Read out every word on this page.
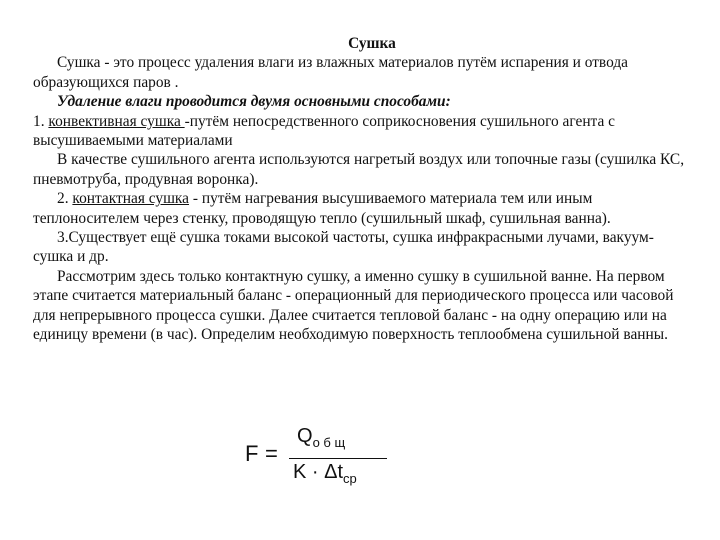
Сушка

Сушка - это процесс удаления влаги из влажных материалов путём испарения и отвода образующихся паров .

Удаление влаги проводится двумя основными способами:

1. конвективная сушка -путём непосредственного соприкосновения сушильного агента с высушиваемыми материалами

В качестве сушильного агента используются нагретый воздух или топочные газы (сушилка КС, пневмотруба, продувная воронка).

2. контактная сушка - путём нагревания высушиваемого материала тем или иным теплоносителем через стенку, проводящую тепло (сушильный шкаф, сушильная ванна).

3.Существует ещё сушка токами высокой частоты, сушка инфракрасными лучами, вакуум-сушка и др.

Рассмотрим здесь только контактную сушку, а именно сушку в сушильной ванне. На первом этапе считается материальный баланс - операционный для периодического процесса или часовой для непрерывного процесса сушки. Далее считается тепловой баланс - на одну операцию или на единицу времени (в час). Определим необходимую поверхность теплообмена сушильной ванны.

F =
$Q_{о б щ}$
$K \cdot \Delta t_{ср}$
